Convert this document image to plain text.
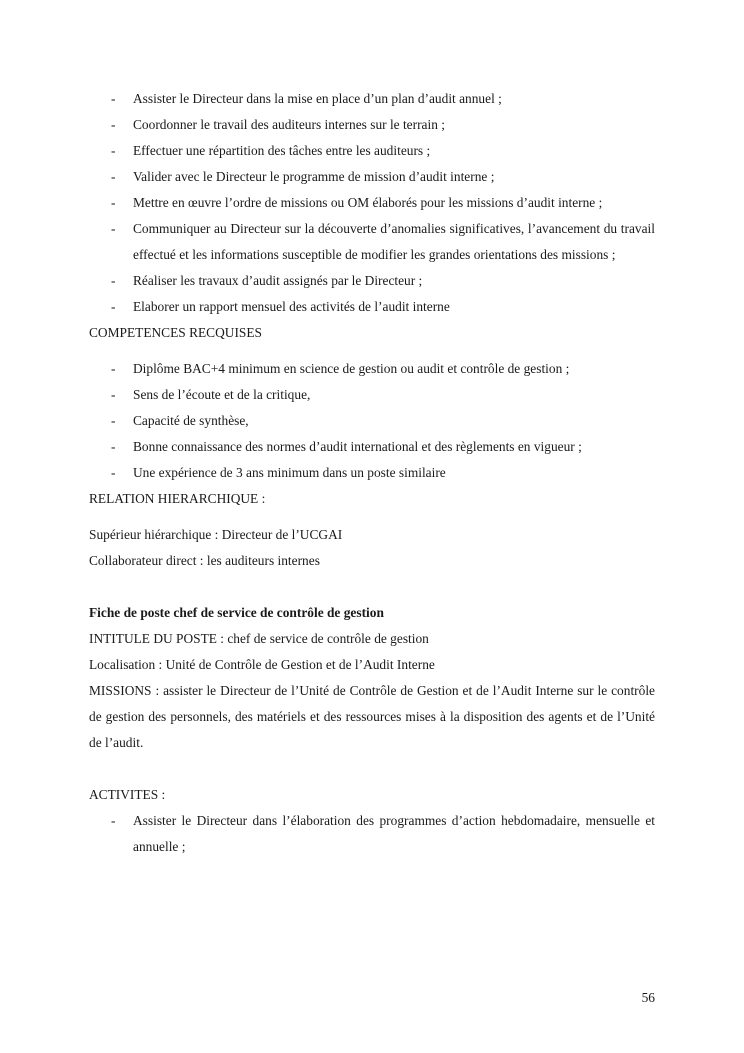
- Assister le Directeur dans la mise en place d’un plan d’audit annuel ;
- Coordonner le travail des auditeurs internes sur le terrain ;
- Effectuer une répartition des tâches entre les auditeurs ;
- Valider avec le Directeur le programme de mission d’audit interne ;
- Mettre en œuvre l’ordre de missions ou OM élaborés pour les missions d’audit interne ;
- Communiquer au Directeur sur la découverte d’anomalies significatives, l’avancement du travail effectué et les informations susceptible de modifier les grandes orientations des missions ;
- Réaliser les travaux d’audit assignés par le Directeur ;
- Elaborer un rapport mensuel des activités de l’audit interne
COMPETENCES RECQUISES
- Diplôme BAC+4 minimum en science de gestion ou audit et contrôle de gestion ;
- Sens de l’écoute et de la critique,
- Capacité de synthèse,
- Bonne connaissance des normes d’audit international et des règlements en vigueur ;
- Une expérience de 3 ans minimum dans un poste similaire
RELATION HIERARCHIQUE :
Supérieur hiérarchique : Directeur de l’UCGAI
Collaborateur direct : les auditeurs internes
Fiche de poste chef de service de contrôle de gestion
INTITULE DU POSTE : chef de service de contrôle de gestion
Localisation : Unité de Contrôle de Gestion et de l’Audit Interne
MISSIONS : assister le Directeur de l’Unité de Contrôle de Gestion et de l’Audit Interne sur le contrôle de gestion des personnels, des matériels et des ressources mises à la disposition des agents et de l’Unité de l’audit.
ACTIVITES :
- Assister le Directeur dans l’élaboration des programmes d’action hebdomadaire, mensuelle et annuelle ;
56
